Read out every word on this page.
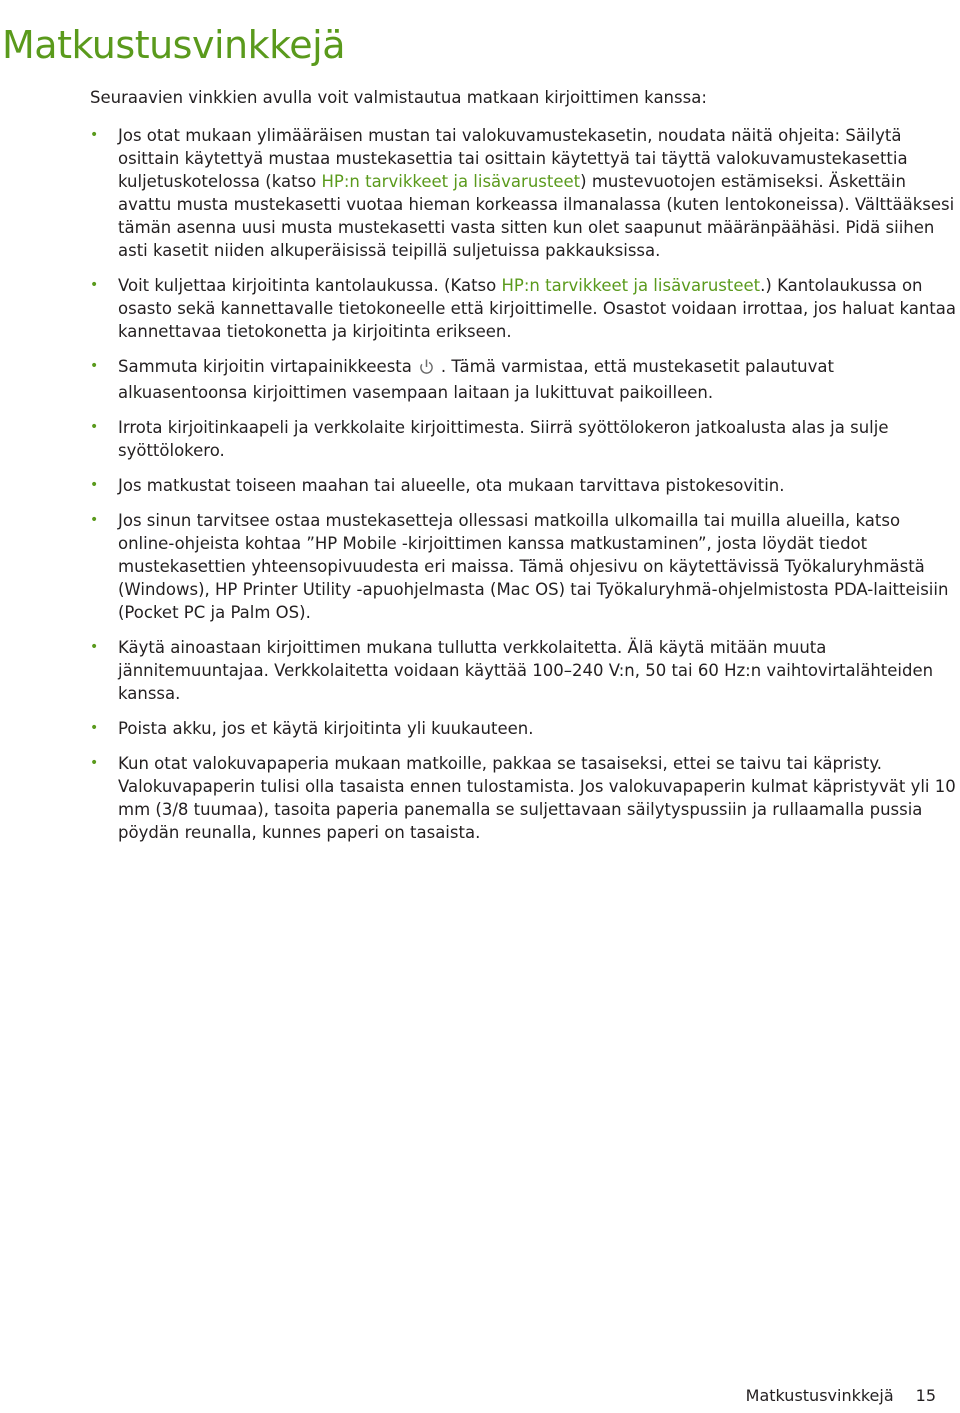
Matkustusvinkkejä

Seuraavien vinkkien avulla voit valmistautua matkaan kirjoittimen kanssa:

•	Jos otat mukaan ylimääräisen mustan tai valokuvamustekasetin, noudata näitä ohjeita: Säilytä osittain käytettyä mustaa mustekasettia tai osittain käytettyä tai täyttä valokuvamustekasettia kuljetuskotelossa (katso HP:n tarvikkeet ja lisävarusteet) mustevuotojen estämiseksi. Äskettäin avattu musta mustekasetti vuotaa hieman korkeassa ilmanalassa (kuten lentokoneissa). Välttääksesi tämän asenna uusi musta mustekasetti vasta sitten kun olet saapunut määränpäähäsi. Pidä siihen asti kasetit niiden alkuperäisissä teipillä suljetuissa pakkauksissa.
•	Voit kuljettaa kirjoitinta kantolaukussa. (Katso HP:n tarvikkeet ja lisävarusteet.) Kantolaukussa on osasto sekä kannettavalle tietokoneelle että kirjoittimelle. Osastot voidaan irrottaa, jos haluat kantaa kannettavaa tietokonetta ja kirjoitinta erikseen.
•	Sammuta kirjoitin virtapainikkeesta . Tämä varmistaa, että mustekasetit palautuvat alkuasentoonsa kirjoittimen vasempaan laitaan ja lukittuvat paikoilleen.
•	Irrota kirjoitinkaapeli ja verkkolaite kirjoittimesta. Siirrä syöttölokeron jatkoalusta alas ja sulje syöttölokero.
•	Jos matkustat toiseen maahan tai alueelle, ota mukaan tarvittava pistokesovitin.
•	Jos sinun tarvitsee ostaa mustekasetteja ollessasi matkoilla ulkomailla tai muilla alueilla, katso online-ohjeista kohtaa ”HP Mobile -kirjoittimen kanssa matkustaminen”, josta löydät tiedot mustekasettien yhteensopivuudesta eri maissa. Tämä ohjesivu on käytettävissä Työkaluryhmästä (Windows), HP Printer Utility -apuohjelmasta (Mac OS) tai Työkaluryhmä-ohjelmistosta PDA-laitteisiin (Pocket PC ja Palm OS).
•	Käytä ainoastaan kirjoittimen mukana tullutta verkkolaitetta. Älä käytä mitään muuta jännitemuuntajaa. Verkkolaitetta voidaan käyttää 100–240 V:n, 50 tai 60 Hz:n vaihtovirtalähteiden kanssa.
•	Poista akku, jos et käytä kirjoitinta yli kuukauteen.
•	Kun otat valokuvapaperia mukaan matkoille, pakkaa se tasaiseksi, ettei se taivu tai käpristy. Valokuvapaperin tulisi olla tasaista ennen tulostamista. Jos valokuvapaperin kulmat käpristyvät yli 10 mm (3/8 tuumaa), tasoita paperia panemalla se suljettavaan säilytyspussiin ja rullaamalla pussia pöydän reunalla, kunnes paperi on tasaista.
Matkustusvinkkejä 15
